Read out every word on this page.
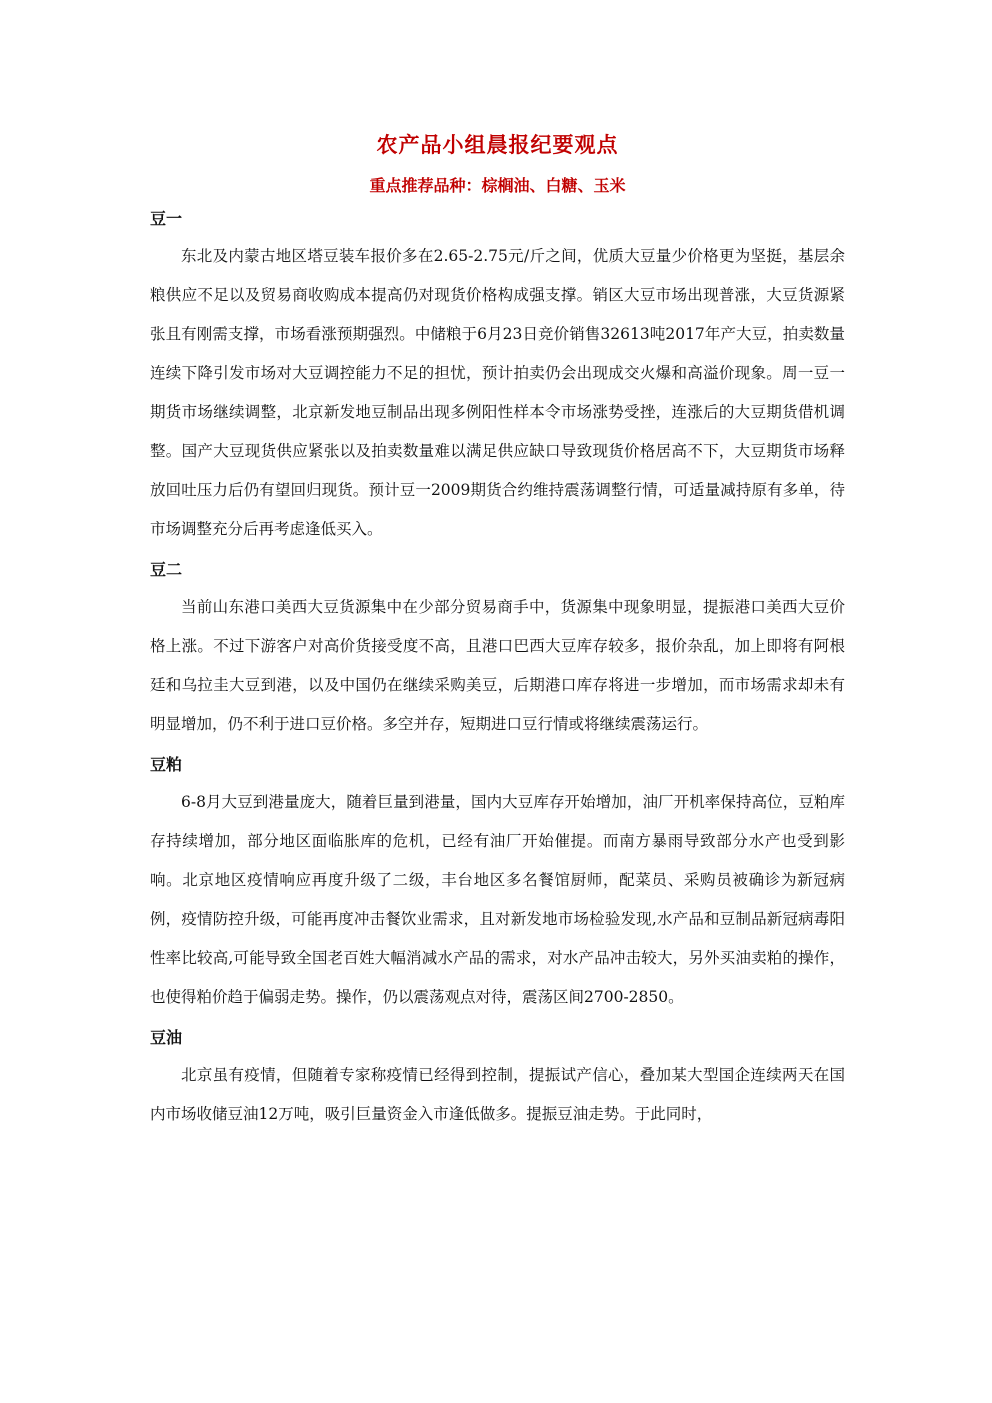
农产品小组晨报纪要观点
重点推荐品种：棕榈油、白糖、玉米
豆一

东北及内蒙古地区塔豆装车报价多在2.65-2.75元/斤之间，优质大豆量少价格更为坚挺，基层余粮供应不足以及贸易商收购成本提高仍对现货价格构成强支撑。销区大豆市场出现普涨，大豆货源紧张且有刚需支撑，市场看涨预期强烈。中储粮于6月23日竞价销售32613吨2017年产大豆，拍卖数量连续下降引发市场对大豆调控能力不足的担忧，预计拍卖仍会出现成交火爆和高溢价现象。周一豆一期货市场继续调整，北京新发地豆制品出现多例阳性样本令市场涨势受挫，连涨后的大豆期货借机调整。国产大豆现货供应紧张以及拍卖数量难以满足供应缺口导致现货价格居高不下，大豆期货市场释放回吐压力后仍有望回归现货。预计豆一2009期货合约维持震荡调整行情，可适量减持原有多单，待市场调整充分后再考虑逢低买入。

豆二

当前山东港口美西大豆货源集中在少部分贸易商手中，货源集中现象明显，提振港口美西大豆价格上涨。不过下游客户对高价货接受度不高，且港口巴西大豆库存较多，报价杂乱，加上即将有阿根廷和乌拉圭大豆到港，以及中国仍在继续采购美豆，后期港口库存将进一步增加，而市场需求却未有明显增加，仍不利于进口豆价格。多空并存，短期进口豆行情或将继续震荡运行。

豆粕

6-8月大豆到港量庞大，随着巨量到港量，国内大豆库存开始增加，油厂开机率保持高位，豆粕库存持续增加，部分地区面临胀库的危机，已经有油厂开始催提。而南方暴雨导致部分水产也受到影响。北京地区疫情响应再度升级了二级，丰台地区多名餐馆厨师，配菜员、采购员被确诊为新冠病例，疫情防控升级，可能再度冲击餐饮业需求，且对新发地市场检验发现,水产品和豆制品新冠病毒阳性率比较高,可能导致全国老百姓大幅消减水产品的需求，对水产品冲击较大，另外买油卖粕的操作，也使得粕价趋于偏弱走势。操作，仍以震荡观点对待，震荡区间2700-2850。

豆油

北京虽有疫情，但随着专家称疫情已经得到控制，提振试产信心，叠加某大型国企连续两天在国内市场收储豆油12万吨，吸引巨量资金入市逢低做多。提振豆油走势。于此同时，
